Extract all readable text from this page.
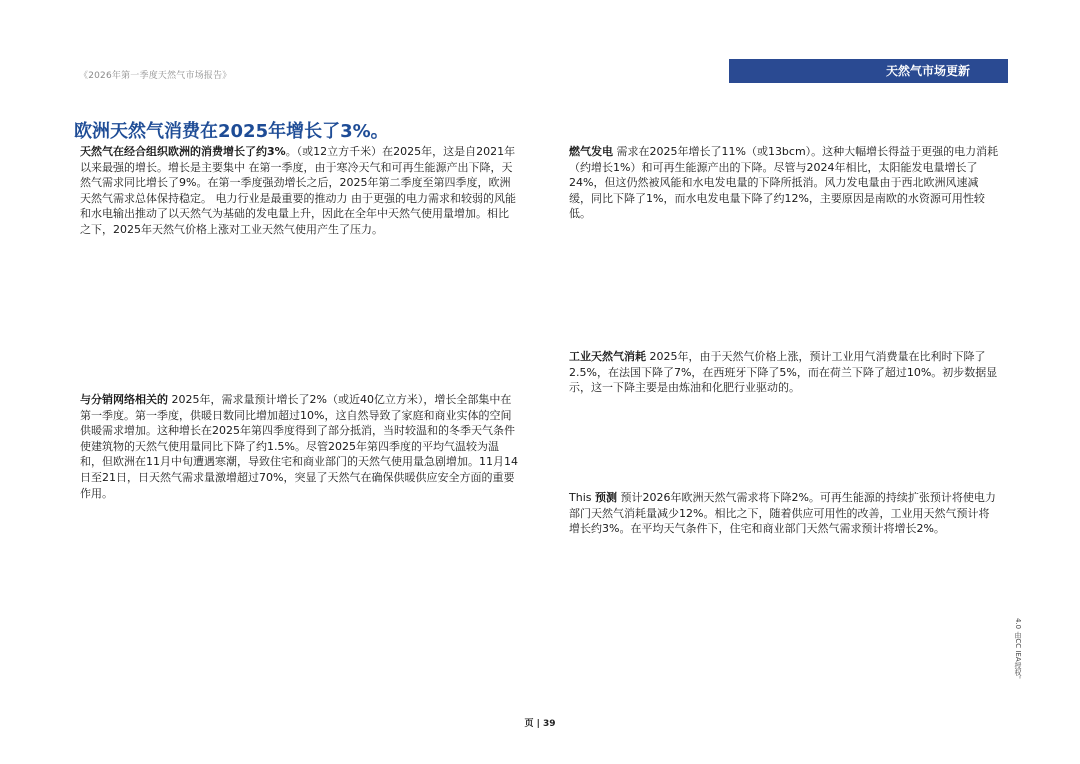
《2026年第一季度天然气市场报告》	天然气市场更新
欧洲天然气消费在2025年增长了3%。

天然气在经合组织欧洲的消费增长了约3%。（或12立方千米）在2025年，这是自2021年以来最强的增长。增长是主要集中 在第一季度，由于寒冷天气和可再生能源产出下降，天然气需求同比增长了9%。在第一季度强劲增长之后，2025年第二季度至第四季度，欧洲天然气需求总体保持稳定。 电力行业是最重要的推动力 由于更强的电力需求和较弱的风能和水电输出推动了以天然气为基础的发电量上升，因此在全年中天然气使用量增加。相比之下，2025年天然气价格上涨对工业天然气使用产生了压力。

与分销网络相关的 2025年，需求量预计增长了2%（或近40亿立方米），增长全部集中在第一季度。第一季度，供暖日数同比增加超过10%，这自然导致了家庭和商业实体的空间供暖需求增加。这种增长在2025年第四季度得到了部分抵消，当时较温和的冬季天气条件使建筑物的天然气使用量同比下降了约1.5%。尽管2025年第四季度的平均气温较为温和，但欧洲在11月中旬遭遇寒潮，导致住宅和商业部门的天然气使用量急剧增加。11月14日至21日，日天然气需求量激增超过70%，突显了天然气在确保供暖供应安全方面的重要作用。

燃气发电 需求在2025年增长了11%（或13bcm）。这种大幅增长得益于更强的电力消耗（约增长1%）和可再生能源产出的下降。尽管与2024年相比，太阳能发电量增长了24%，但这仍然被风能和水电发电量的下降所抵消。风力发电量由于西北欧洲风速减缓，同比下降了1%，而水电发电量下降了约12%，主要原因是南欧的水资源可用性较低。

工业天然气消耗 2025年，由于天然气价格上涨，预计工业用气消费量在比利时下降了2.5%，在法国下降了7%，在西班牙下降了5%，而在荷兰下降了超过10%。初步数据显示，这一下降主要是由炼油和化肥行业驱动的。

This 预测 预计2026年欧洲天然气需求将下降2%。可再生能源的持续扩张预计将使电力部门天然气消耗量减少12%。相比之下，随着供应可用性的改善，工业用天然气预计将增长约3%。在平均天气条件下，住宅和商业部门天然气需求预计将增长2%。

4.0 由CC IEA授权。
页 | 39
